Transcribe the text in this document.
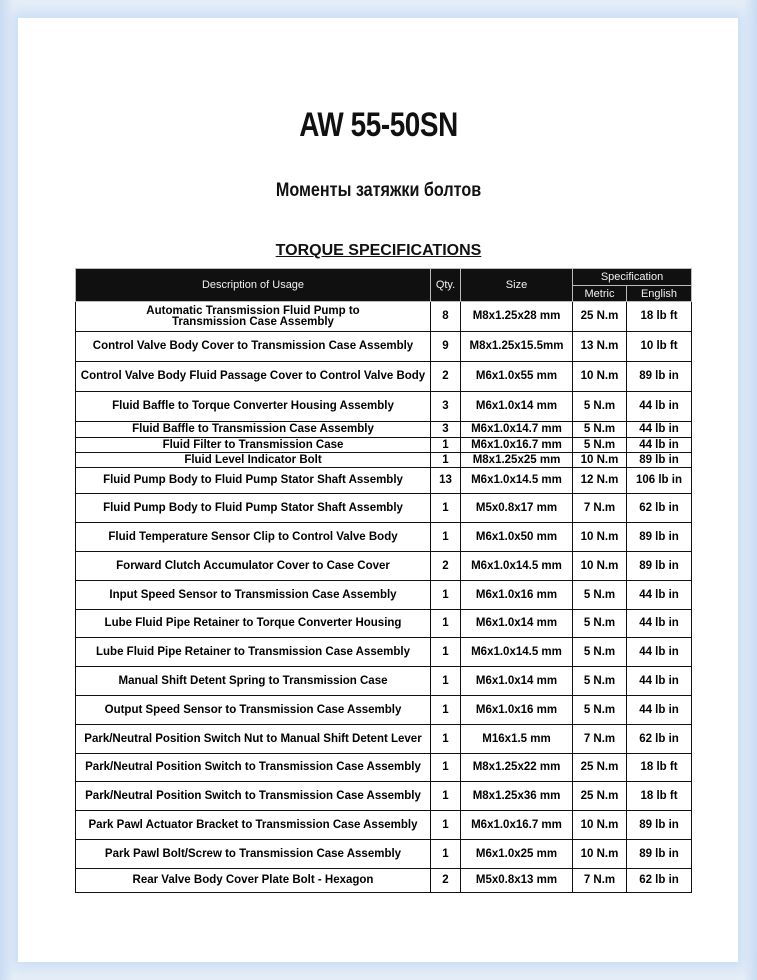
AW 55-50SN
Моменты затяжки болтов
TORQUE SPECIFICATIONS
Description of Usage	Qty.	Size	Specification	
			Metric	English
Automatic Transmission Fluid Pump to
Transmission Case Assembly	8	M8x1.25x28 mm	25 N.m	18 lb ft
Control Valve Body Cover to Transmission Case Assembly	9	M8x1.25x15.5mm	13 N.m	10 lb ft
Control Valve Body Fluid Passage Cover to Control Valve Body	2	M6x1.0x55 mm	10 N.m	89 lb in
Fluid Baffle to Torque Converter Housing Assembly	3	M6x1.0x14 mm	5 N.m	44 lb in
Fluid Baffle to Transmission Case Assembly	3	M6x1.0x14.7 mm	5 N.m	44 lb in
Fluid Filter to Transmission Case	1	M6x1.0x16.7 mm	5 N.m	44 lb in
Fluid Level Indicator Bolt	1	M8x1.25x25 mm	10 N.m	89 lb in
Fluid Pump Body to Fluid Pump Stator Shaft Assembly	13	M6x1.0x14.5 mm	12 N.m	106 lb in
Fluid Pump Body to Fluid Pump Stator Shaft Assembly	1	M5x0.8x17 mm	7 N.m	62 lb in
Fluid Temperature Sensor Clip to Control Valve Body	1	M6x1.0x50 mm	10 N.m	89 lb in
Forward Clutch Accumulator Cover to Case Cover	2	M6x1.0x14.5 mm	10 N.m	89 lb in
Input Speed Sensor to Transmission Case Assembly	1	M6x1.0x16 mm	5 N.m	44 lb in
Lube Fluid Pipe Retainer to Torque Converter Housing	1	M6x1.0x14 mm	5 N.m	44 lb in
Lube Fluid Pipe Retainer to Transmission Case Assembly	1	M6x1.0x14.5 mm	5 N.m	44 lb in
Manual Shift Detent Spring to Transmission Case	1	M6x1.0x14 mm	5 N.m	44 lb in
Output Speed Sensor to Transmission Case Assembly	1	M6x1.0x16 mm	5 N.m	44 lb in
Park/Neutral Position Switch Nut to Manual Shift Detent Lever	1	M16x1.5 mm	7 N.m	62 lb in
Park/Neutral Position Switch to Transmission Case Assembly	1	M8x1.25x22 mm	25 N.m	18 lb ft
Park/Neutral Position Switch to Transmission Case Assembly	1	M8x1.25x36 mm	25 N.m	18 lb ft
Park Pawl Actuator Bracket to Transmission Case Assembly	1	M6x1.0x16.7 mm	10 N.m	89 lb in
Park Pawl Bolt/Screw to Transmission Case Assembly	1	M6x1.0x25 mm	10 N.m	89 lb in
Rear Valve Body Cover Plate Bolt - Hexagon	2	M5x0.8x13 mm	7 N.m	62 lb in
